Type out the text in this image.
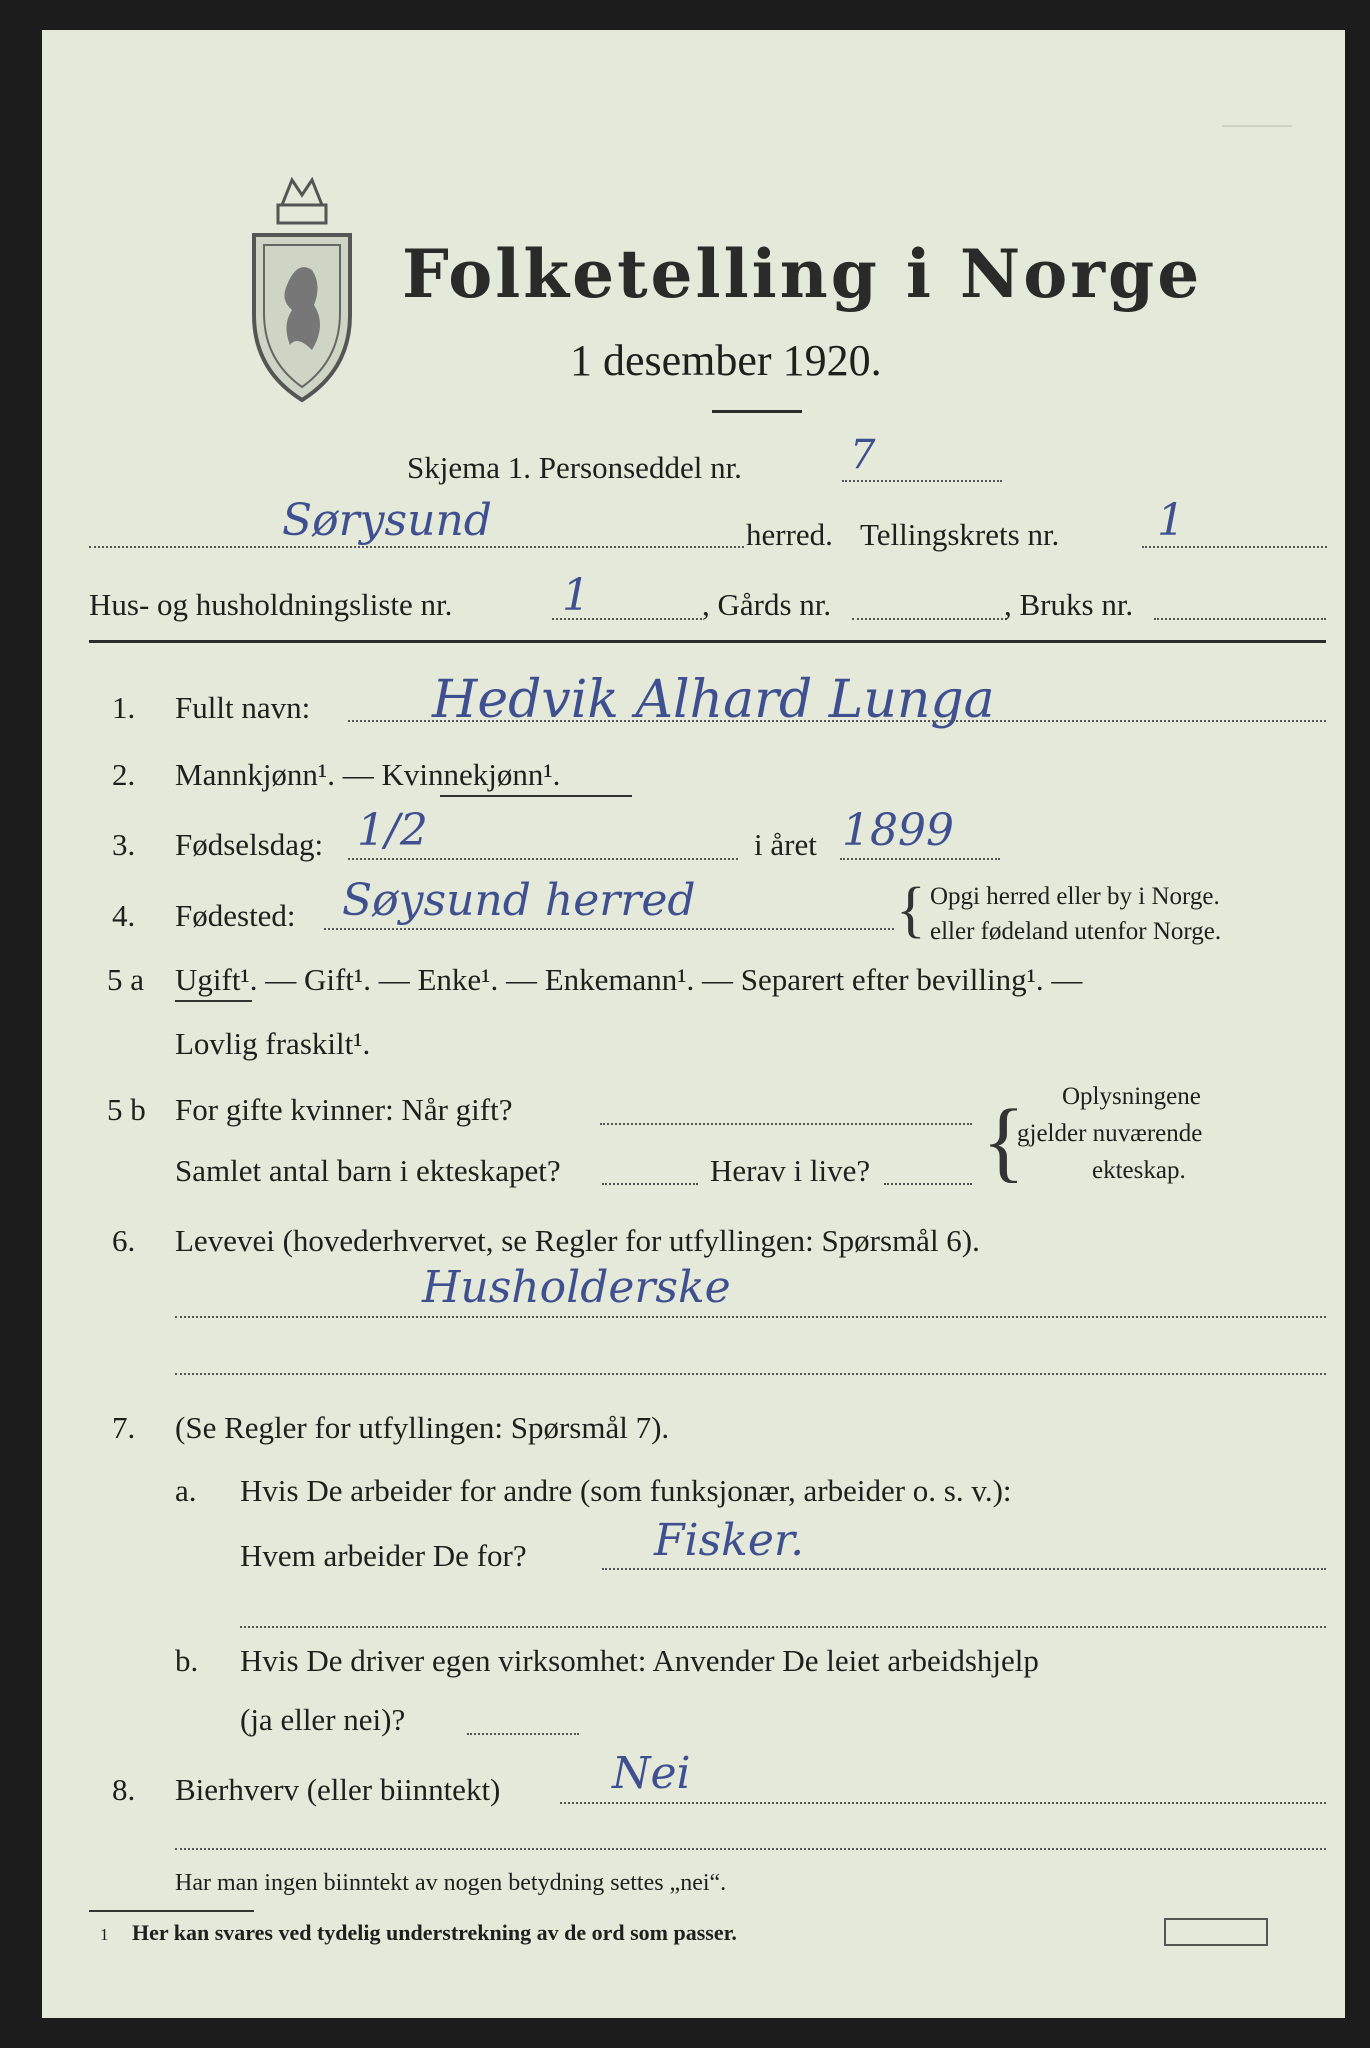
Folketelling i Norge
1 desember 1920.
Skjema 1. Personseddel nr.	7
Sørysund	herred. Tellingskrets nr. 1
Hus- og husholdningsliste nr. 1	, Gårds nr.	, Bruks nr.
1. Fullt navn: Hedvik Alhard Lunga
2. Mannkjønn¹. — Kvinnekjønn¹.
3. Fødselsdag: 1/2	i året 1899
4. Fødested: Søysund herred	{ Opgi herred eller by i Norge.
eller fødeland utenfor Norge.
5 a Ugift¹. — Gift¹. — Enke¹. — Enkemann¹. — Separert efter bevilling¹. —
Lovlig fraskilt¹.
5 b For gifte kvinner: Når gift?
Samlet antal barn i ekteskapet?	Herav i live? { Oplysningene
gjelder nuværende
ekteskap.
6. Levevei (hovederhvervet, se Regler for utfyllingen: Spørsmål 6).
Husholderske
7. (Se Regler for utfyllingen: Spørsmål 7).
a. Hvis De arbeider for andre (som funksjonær, arbeider o. s. v.):
Hvem arbeider De for?	Fisker.
b. Hvis De driver egen virksomhet: Anvender De leiet arbeidshjelp
(ja eller nei)?
8. Bierhverv (eller biinntekt)	Nei
Har man ingen biinntekt av nogen betydning settes „nei“.
1 Her kan svares ved tydelig understrekning av de ord som passer.
